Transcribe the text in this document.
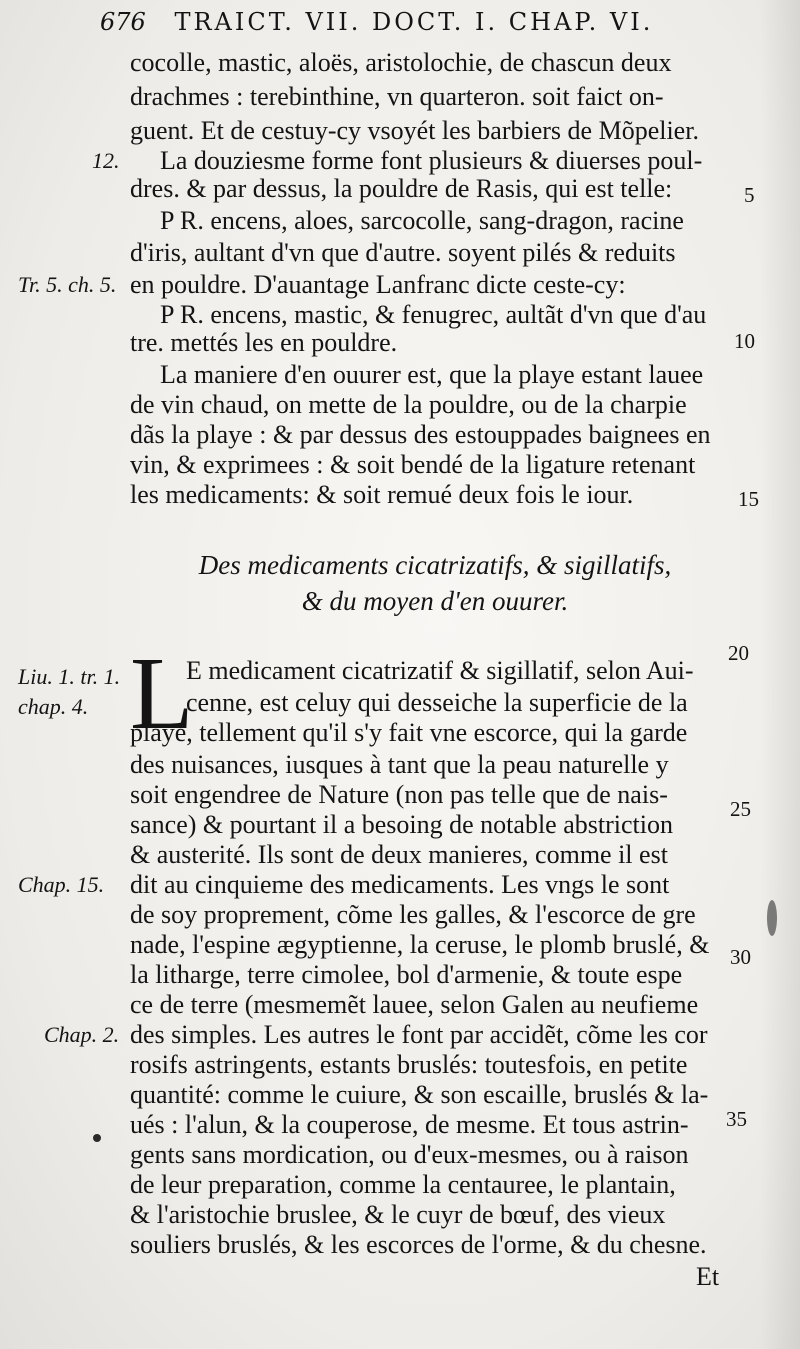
676 TRAICT. VII. DOCT. I. CHAP. VI.
cocolle, mastic, aloës, aristolochie, de chascun deux
drachmes : terebinthine, vn quarteron. soit faict on-
guent. Et de cestuy-cy vsoyét les barbiers de Mõpelier.
La douziesme forme font plusieurs & diuerses poul-
dres. & par dessus, la pouldre de Rasis, qui est telle:
P R. encens, aloes, sarcocolle, sang-dragon, racine
d'iris, aultant d'vn que d'autre. soyent pilés & reduits
en pouldre. D'auantage Lanfranc dicte ceste-cy:
P R. encens, mastic, & fenugrec, aultãt d'vn que d'au
tre. mettés les en pouldre.
La maniere d'en ouurer est, que la playe estant lauee
de vin chaud, on mette de la pouldre, ou de la charpie
dãs la playe : & par dessus des estouppades baignees en
vin, & exprimees : & soit bendé de la ligature retenant
les medicaments: & soit remué deux fois le iour.
Des medicaments cicatrizatifs, & sigillatifs,
& du moyen d'en ouurer.
L
E medicament cicatrizatif & sigillatif, selon Aui-
cenne, est celuy qui desseiche la superficie de la
playe, tellement qu'il s'y fait vne escorce, qui la garde
des nuisances, iusques à tant que la peau naturelle y
soit engendree de Nature (non pas telle que de nais-
sance) & pourtant il a besoing de notable abstriction
& austerité. Ils sont de deux manieres, comme il est
dit au cinquieme des medicaments. Les vngs le sont
de soy proprement, cõme les galles, & l'escorce de gre
nade, l'espine ægyptienne, la ceruse, le plomb bruslé, &
la litharge, terre cimolee, bol d'armenie, & toute espe
ce de terre (mesmemẽt lauee, selon Galen au neufieme
des simples. Les autres le font par accidẽt, cõme les cor
rosifs astringents, estants bruslés: toutesfois, en petite
quantité: comme le cuiure, & son escaille, bruslés & la-
ués : l'alun, & la couperose, de mesme. Et tous astrin-
gents sans mordication, ou d'eux-mesmes, ou à raison
de leur preparation, comme la centauree, le plantain,
& l'aristochie bruslee, & le cuyr de bœuf, des vieux
souliers bruslés, & les escorces de l'orme, & du chesne.
Et
12.
Tr. 5. ch. 5.
Liu. 1. tr. 1.
chap. 4.
Chap. 15.
Chap. 2.
5
10
15
20
25
30
35
